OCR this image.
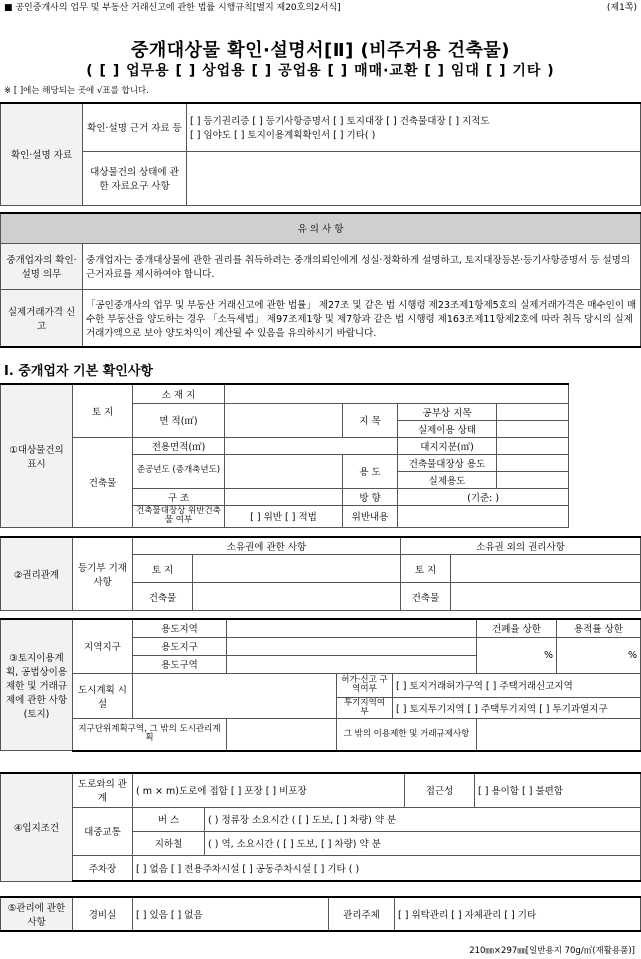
■ 공인중개사의 업무 및 부동산 거래신고에 관한 법률 시행규칙[별지 제20호의2서식]	(제1쪽)
중개대상물 확인·설명서[Ⅱ] (비주거용 건축물)
( [ ] 업무용 [ ] 상업용 [ ] 공업용 [ ] 매매·교환 [ ] 임대 [ ] 기타 )
※ [ ]에는 해당되는 곳에 √표를 합니다.
확인·설명 자료	확인·설명 근거 자료 등	[ ] 등기권리증 [ ] 등기사항증명서 [ ] 토지대장 [ ] 건축물대장 [ ] 지적도
[ ] 임야도 [ ] 토지이용계획확인서 [ ] 기타( )

	대상물건의 상태에 관한 자료요구 사항	
유 의 사 항	
중개업자의 확인·설명 의무	중개업자는 중개대상물에 관한 권리를 취득하려는 중개의뢰인에게 성실·정확하게 설명하고, 토지대장등본·등기사항증명서 등 설명의 근거자료를 제시하여야 합니다.
실제거래가격 신고	「공인중개사의 업무 및 부동산 거래신고에 관한 법률」 제27조 및 같은 법 시행령 제23조제1항제5호의 실제거래가격은 매수인이 매수한 부동산을 양도하는 경우 「소득세법」 제97조제1항 및 제7항과 같은 법 시행령 제163조제11항제2호에 따라 취득 당시의 실제거래가액으로 보아 양도차익이 계산될 수 있음을 유의하시기 바랍니다.
Ⅰ. 중개업자 기본 확인사항
①대상물건의 표시	토 지	소 재 지				
		면 적(㎡)		지 목	공부상 지목	
					실제이용 상태	
	건축물	전용면적(㎡)			대지지분(㎡)	
		준공년도 (증개축년도)		용 도	건축물대장상 용도	
					실제용도	
		구 조		방 향	(기준: )	
		건축물대장상 위반건축물 여부	[ ] 위반 [ ] 적법	위반내용		

②권리관계	등기부 기재사항	소유권에 관한 사항		소유권 외의 권리사항	
		토 지		토 지	
		건축물		건축물	
③토지이용계획, 공법상이용제한 및 거래규제에 관한 사항 (토지)	지역지구	용도지역				건폐율 상한	용적률 상한
		용도지구				%	%
		용도구역					
	도시계획 시설			허가·신고 구역여부	[ ] 토지거래허가구역 [ ] 주택거래신고지역		
				투기지역여부	[ ] 토지투기지역 [ ] 주택투기지역 [ ] 투기과열지구		
	지구단위계획구역, 그 밖의 도시관리계획			그 밖의 이용제한 및 거래규제사항			
④입지조건	도로와의 관계	( m × m)도로에 접함 [ ] 포장 [ ] 비포장		접근성	[ ] 용이함 [ ] 불편함
	대중교통	버 스	( ) 정류장 소요시간 ( [ ] 도보, [ ] 차량) 약 분		
		지하철	( ) 역, 소요시간 ( [ ] 도보, [ ] 차량) 약 분		
	주차장	[ ] 없음 [ ] 전용주차시설 [ ] 공동주차시설 [ ] 기타 ( )			
⑤관리에 관한사항	경비실	[ ] 있음 [ ] 없음	관리주체	[ ] 위탁관리 [ ] 자체관리 [ ] 기타
210㎜×297㎜[일반용지 70g/㎡(재활용품)]
